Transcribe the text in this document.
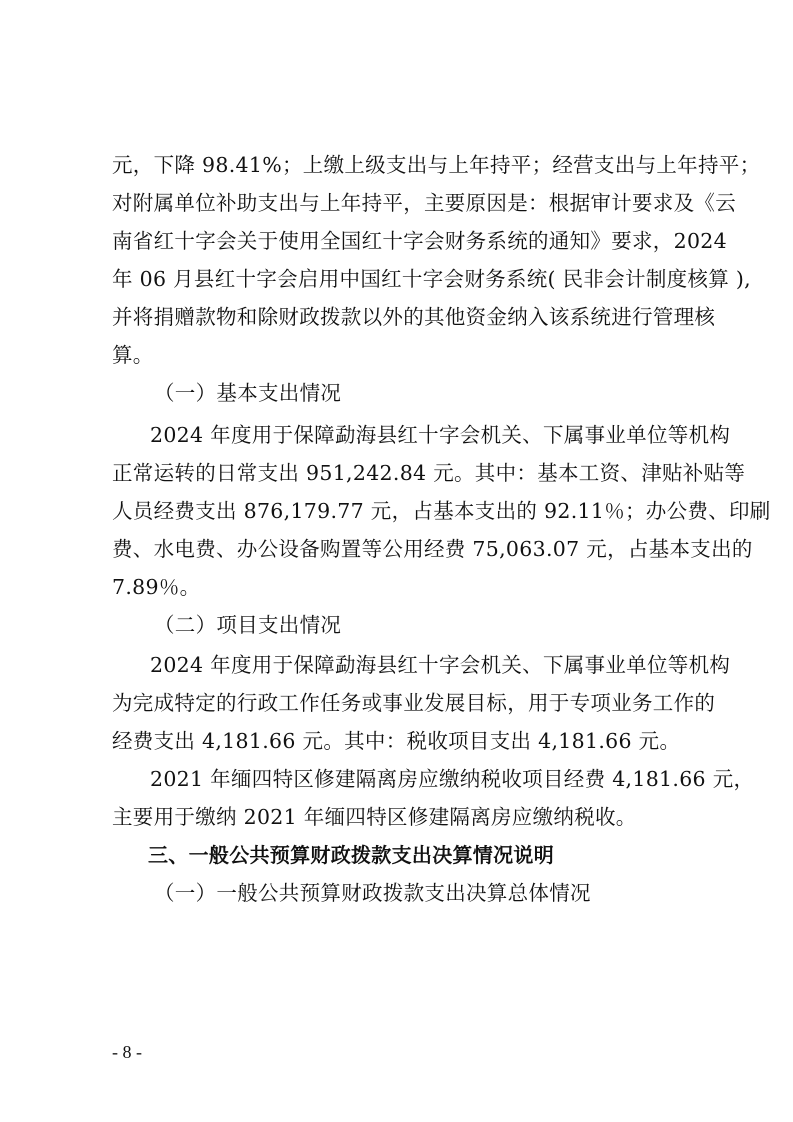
元，下降 98.41%；上缴上级支出与上年持平；经营支出与上年持平；
对附属单位补助支出与上年持平，主要原因是：根据审计要求及《云
南省红十字会关于使用全国红十字会财务系统的通知》要求，2024
年 06 月县红十字会启用中国红十字会财务系统( 民非会计制度核算 ),
并将捐赠款物和除财政拨款以外的其他资金纳入该系统进行管理核
算。
（一）基本支出情况
2024 年度用于保障勐海县红十字会机关、下属事业单位等机构
正常运转的日常支出 951,242.84 元。其中：基本工资、津贴补贴等
人员经费支出 876,179.77 元，占基本支出的 92.11％；办公费、印刷
费、水电费、办公设备购置等公用经费 75,063.07 元，占基本支出的
7.89％。
（二）项目支出情况
2024 年度用于保障勐海县红十字会机关、下属事业单位等机构
为完成特定的行政工作任务或事业发展目标，用于专项业务工作的
经费支出 4,181.66 元。其中：税收项目支出 4,181.66 元。
2021 年缅四特区修建隔离房应缴纳税收项目经费 4,181.66 元，
主要用于缴纳 2021 年缅四特区修建隔离房应缴纳税收。
三、一般公共预算财政拨款支出决算情况说明
（一）一般公共预算财政拨款支出决算总体情况
- 8 -
